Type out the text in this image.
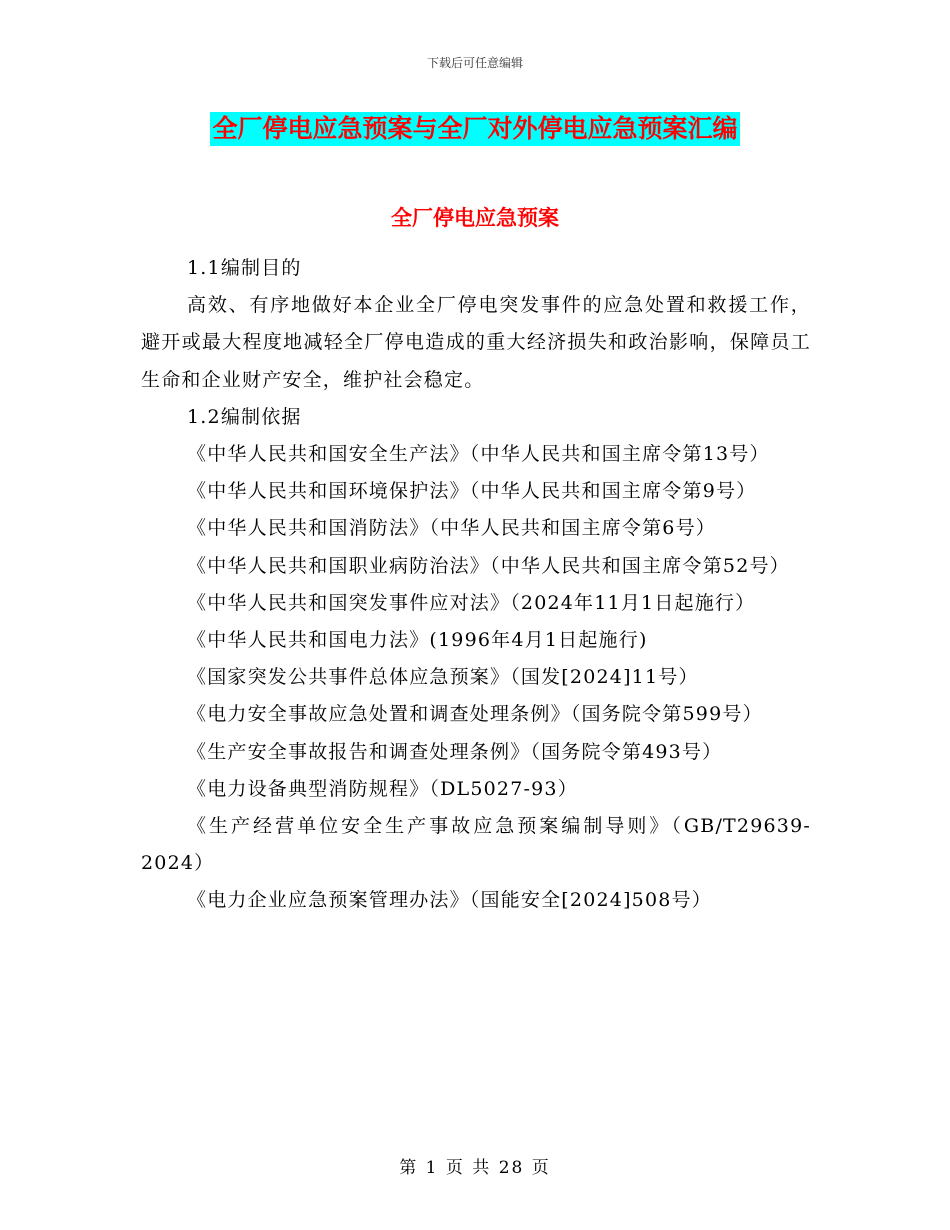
下载后可任意编辑
全厂停电应急预案与全厂对外停电应急预案汇编
全厂停电应急预案

1.1编制目的

高效、有序地做好本企业全厂停电突发事件的应急处置和救援工作，避开或最大程度地减轻全厂停电造成的重大经济损失和政治影响，保障员工生命和企业财产安全，维护社会稳定。

1.2编制依据

《中华人民共和国安全生产法》（中华人民共和国主席令第13号）

《中华人民共和国环境保护法》（中华人民共和国主席令第9号）

《中华人民共和国消防法》（中华人民共和国主席令第6号）

《中华人民共和国职业病防治法》（中华人民共和国主席令第52号）

《中华人民共和国突发事件应对法》（2024年11月1日起施行）

《中华人民共和国电力法》(1996年4月1日起施行)

《国家突发公共事件总体应急预案》（国发[2024]11号）

《电力安全事故应急处置和调查处理条例》（国务院令第599号）

《生产安全事故报告和调查处理条例》（国务院令第493号）

《电力设备典型消防规程》（DL5027-93）

《生产经营单位安全生产事故应急预案编制导则》（GB/T29639-2024）

《电力企业应急预案管理办法》（国能安全[2024]508号）

第 1 页 共 28 页
